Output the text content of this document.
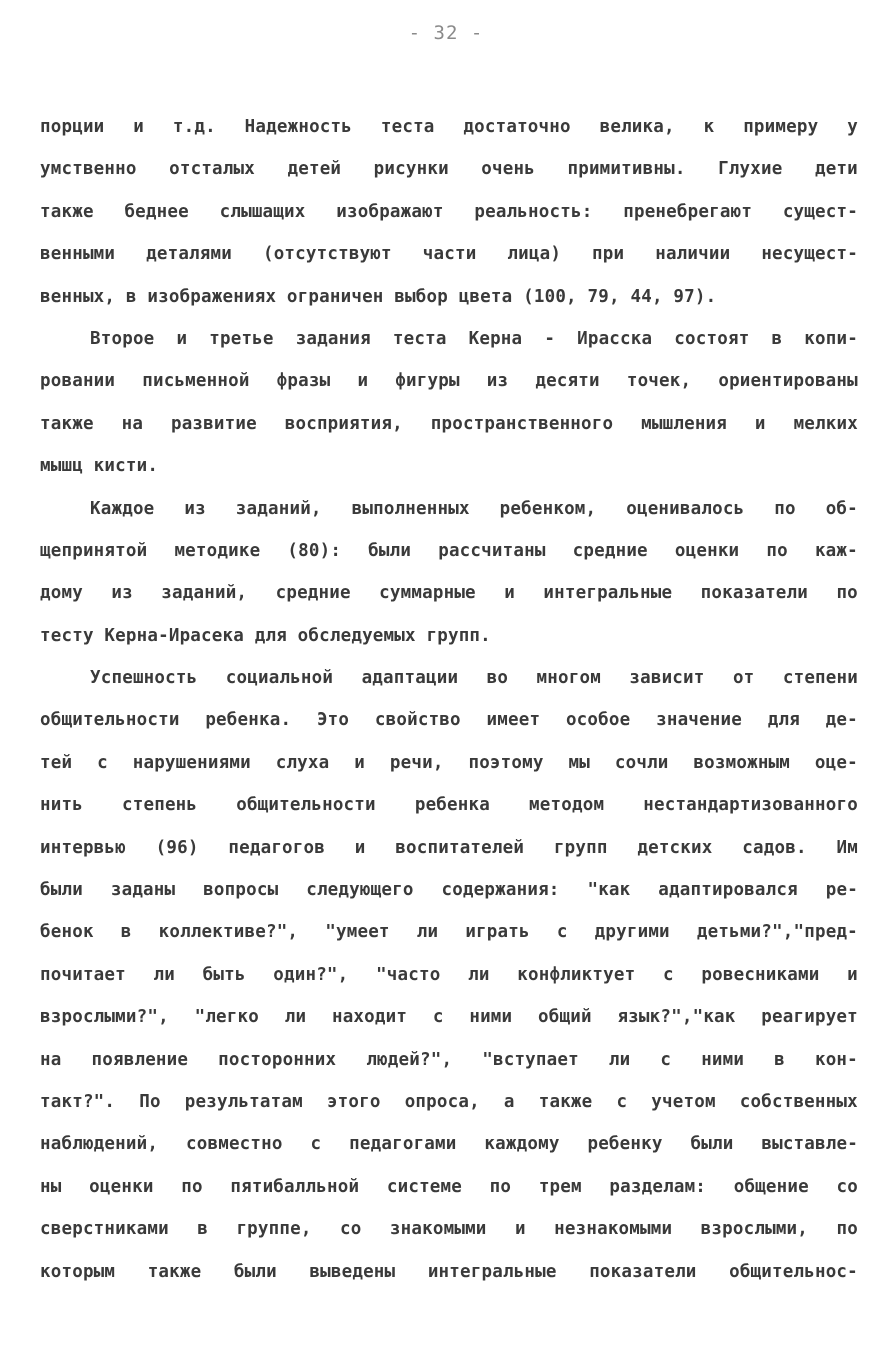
- 32 -
порции и т.д. Надежность теста достаточно велика, к примеру у
умственно отсталых детей рисунки очень примитивны. Глухие дети
также беднее слышащих изображают реальность: пренебрегают сущест-
венными деталями (отсутствуют части лица) при наличии несущест-
венных, в изображениях ограничен выбор цвета (100, 79, 44, 97).
Второе и третье задания теста Керна - Ирасска состоят в копи-
ровании письменной фразы и фигуры из десяти точек, ориентированы
также на развитие восприятия, пространственного мышления и мелких
мышц кисти.
Каждое из заданий, выполненных ребенком, оценивалось по об-
щепринятой методике (80): были рассчитаны средние оценки по каж-
дому из заданий, средние суммарные и интегральные показатели по
тесту Керна-Ирасека для обследуемых групп.
Успешность социальной адаптации во многом зависит от степени
общительности ребенка. Это свойство имеет особое значение для де-
тей с нарушениями слуха и речи, поэтому мы сочли возможным оце-
нить степень общительности ребенка методом нестандартизованного
интервью (96) педагогов и воспитателей групп детских садов. Им
были заданы вопросы следующего содержания: "как адаптировался ре-
бенок в коллективе?", "умеет ли играть с другими детьми?","пред-
почитает ли быть один?", "часто ли конфликтует с ровесниками и
взрослыми?", "легко ли находит с ними общий язык?","как реагирует
на появление посторонних людей?", "вступает ли с ними в кон-
такт?". По результатам этого опроса, а также с учетом собственных
наблюдений, совместно с педагогами каждому ребенку были выставле-
ны оценки по пятибалльной системе по трем разделам: общение со
сверстниками в группе, со знакомыми и незнакомыми взрослыми, по
которым также были выведены интегральные показатели общительнос-
